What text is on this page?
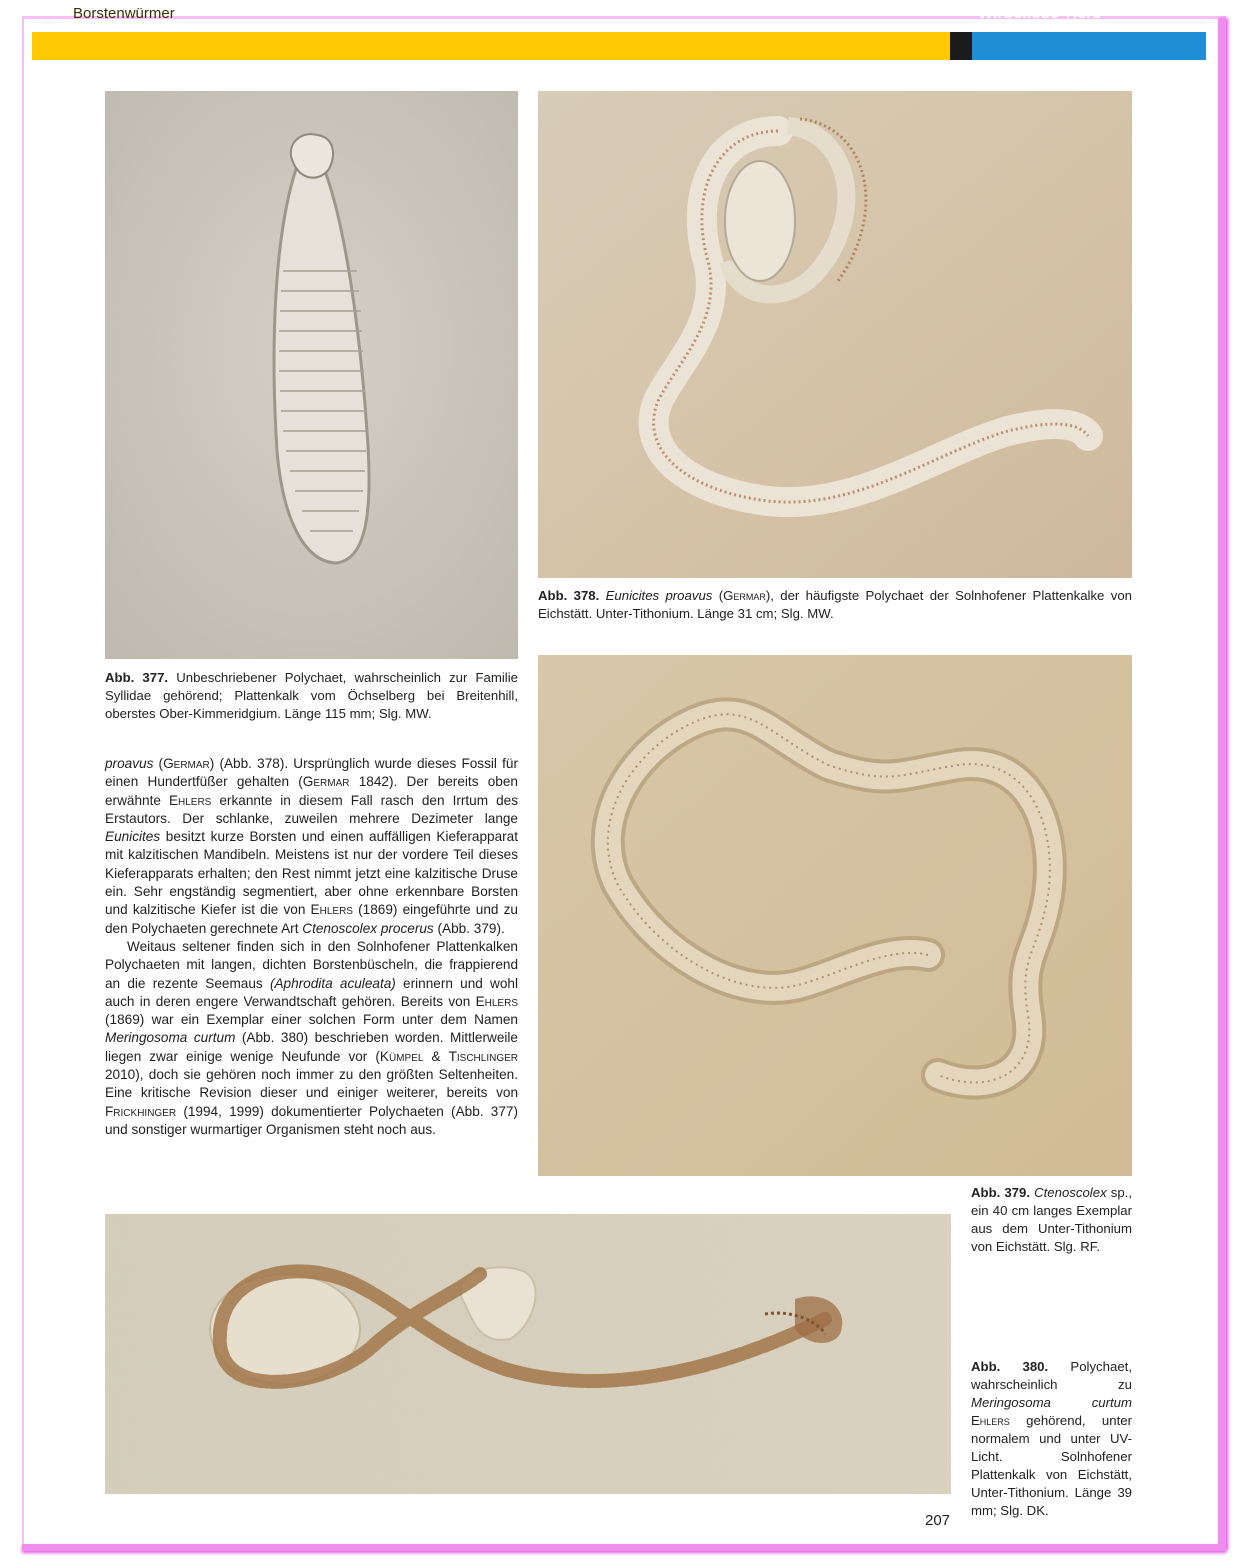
Borstenwürmer	Wirbellose Tiere
Abb. 378. Eunicites proavus (Germar), der häufigste Polychaet der Solnhofener Plattenkalke von Eichstätt. Unter-Tithonium. Länge 31 cm; Slg. MW.
Abb. 377. Unbeschriebener Polychaet, wahrscheinlich zur Familie Syllidae gehörend; Plattenkalk vom Öchselberg bei Breitenhill, oberstes Ober-Kimmeridgium. Länge 115 mm; Slg. MW.

proavus (Germar) (Abb. 378). Ursprünglich wurde dieses Fossil für einen Hundertfüßer gehalten (Germar 1842). Der bereits oben erwähnte Ehlers erkannte in diesem Fall rasch den Irrtum des Erstautors. Der schlanke, zuweilen mehrere Dezimeter lange Eunicites besitzt kurze Borsten und einen auffälligen Kieferapparat mit kalzitischen Mandibeln. Meistens ist nur der vordere Teil dieses Kieferapparats erhalten; den Rest nimmt jetzt eine kalzitische Druse ein. Sehr engständig segmentiert, aber ohne erkennbare Borsten und kalzitische Kiefer ist die von Ehlers (1869) eingeführte und zu den Polychaeten gerechnete Art Ctenoscolex procerus (Abb. 379).

Weitaus seltener finden sich in den Solnhofener Plattenkalken Polychaeten mit langen, dichten Borstenbüscheln, die frappierend an die rezente Seemaus (Aphrodita aculeata) erinnern und wohl auch in deren engere Verwandtschaft gehören. Bereits von Ehlers (1869) war ein Exemplar einer solchen Form unter dem Namen Meringosoma curtum (Abb. 380) beschrieben worden. Mittlerweile liegen zwar einige wenige Neufunde vor (Kümpel & Tischlinger 2010), doch sie gehören noch immer zu den größten Seltenheiten. Eine kritische Revision dieser und einiger weiterer, bereits von Frickhinger (1994, 1999) dokumentierter Polychaeten (Abb. 377) und sonstiger wurmartiger Organismen steht noch aus.

Abb. 379. Ctenoscolex sp., ein 40 cm langes Exemplar aus dem Unter-Tithonium von Eichstätt. Slg. RF.
Abb. 380. Polychaet, wahrscheinlich zu Meringosoma curtum Ehlers gehörend, unter normalem und unter UV-Licht. Solnhofener Plattenkalk von Eichstätt, Unter-Tithonium. Länge 39 mm; Slg. DK.
207
